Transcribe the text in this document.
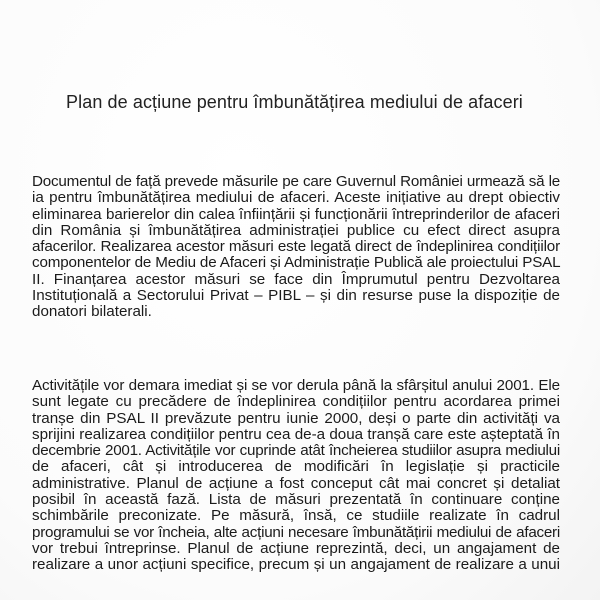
Plan de acțiune pentru îmbunătățirea mediului de afaceri
Documentul de față prevede măsurile pe care Guvernul României urmează să le
ia pentru îmbunătățirea mediului de afaceri. Aceste inițiative au drept obiectiv
eliminarea barierelor din calea înființării și funcționării întreprinderilor de afaceri
din România și îmbunătățirea administrației publice cu efect direct asupra
afacerilor. Realizarea acestor măsuri este legată direct de îndeplinirea condițiilor
componentelor de Mediu de Afaceri și Administrație Publică ale proiectului PSAL
II. Finanțarea acestor măsuri se face din Împrumutul pentru Dezvoltarea
Instituțională a Sectorului Privat – PIBL – și din resurse puse la dispoziție de
donatori bilaterali.
Activitățile vor demara imediat și se vor derula până la sfârșitul anului 2001. Ele
sunt legate cu precădere de îndeplinirea condițiilor pentru acordarea primei
tranșe din PSAL II prevăzute pentru iunie 2000, deși o parte din activități va
sprijini realizarea condițiilor pentru cea de-a doua tranșă care este așteptată în
decembrie 2001. Activitățile vor cuprinde atât încheierea studiilor asupra mediului
de afaceri, cât și introducerea de modificări în legislație și practicile
administrative. Planul de acțiune a fost conceput cât mai concret și detaliat
posibil în această fază. Lista de măsuri prezentată în continuare conține
schimbările preconizate. Pe măsură, însă, ce studiile realizate în cadrul
programului se vor încheia, alte acțiuni necesare îmbunătățirii mediului de afaceri
vor trebui întreprinse. Planul de acțiune reprezintă, deci, un angajament de
realizare a unor acțiuni specifice, precum și un angajament de realizare a unui
